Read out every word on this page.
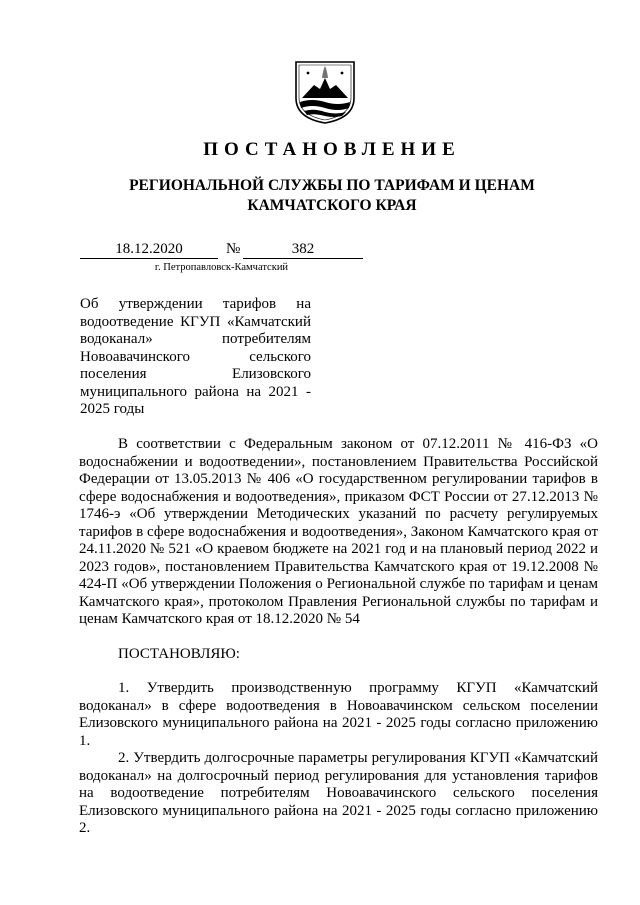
ПОСТАНОВЛЕНИЕ
РЕГИОНАЛЬНОЙ СЛУЖБЫ ПО ТАРИФАМ И ЦЕНАМ
КАМЧАТСКОГО КРАЯ
18.12.2020	№	382
г. Петропавловск-Камчатский
Об утверждении тарифов на водоотведение КГУП «Камчатский водоканал» потребителям Новоавачинского сельского поселения Елизовского муниципального района на 2021 - 2025 годы

В соответствии с Федеральным законом от 07.12.2011 № 416-ФЗ «О водоснабжении и водоотведении», постановлением Правительства Российской Федерации от 13.05.2013 № 406 «О государственном регулировании тарифов в сфере водоснабжения и водоотведения», приказом ФСТ России от 27.12.2013 № 1746-э «Об утверждении Методических указаний по расчету регулируемых тарифов в сфере водоснабжения и водоотведения», Законом Камчатского края от 24.11.2020 № 521 «О краевом бюджете на 2021 год и на плановый период 2022 и 2023 годов», постановлением Правительства Камчатского края от 19.12.2008 № 424-П «Об утверждении Положения о Региональной службе по тарифам и ценам Камчатского края», протоколом Правления Региональной службы по тарифам и ценам Камчатского края от 18.12.2020 № 54

ПОСТАНОВЛЯЮ:

1. Утвердить производственную программу КГУП «Камчатский водоканал» в сфере водоотведения в Новоавачинском сельском поселении Елизовского муниципального района на 2021 - 2025 годы согласно приложению 1.

2. Утвердить долгосрочные параметры регулирования КГУП «Камчатский водоканал» на долгосрочный период регулирования для установления тарифов на водоотведение потребителям Новоавачинского сельского поселения Елизовского муниципального района на 2021 - 2025 годы согласно приложению 2.
